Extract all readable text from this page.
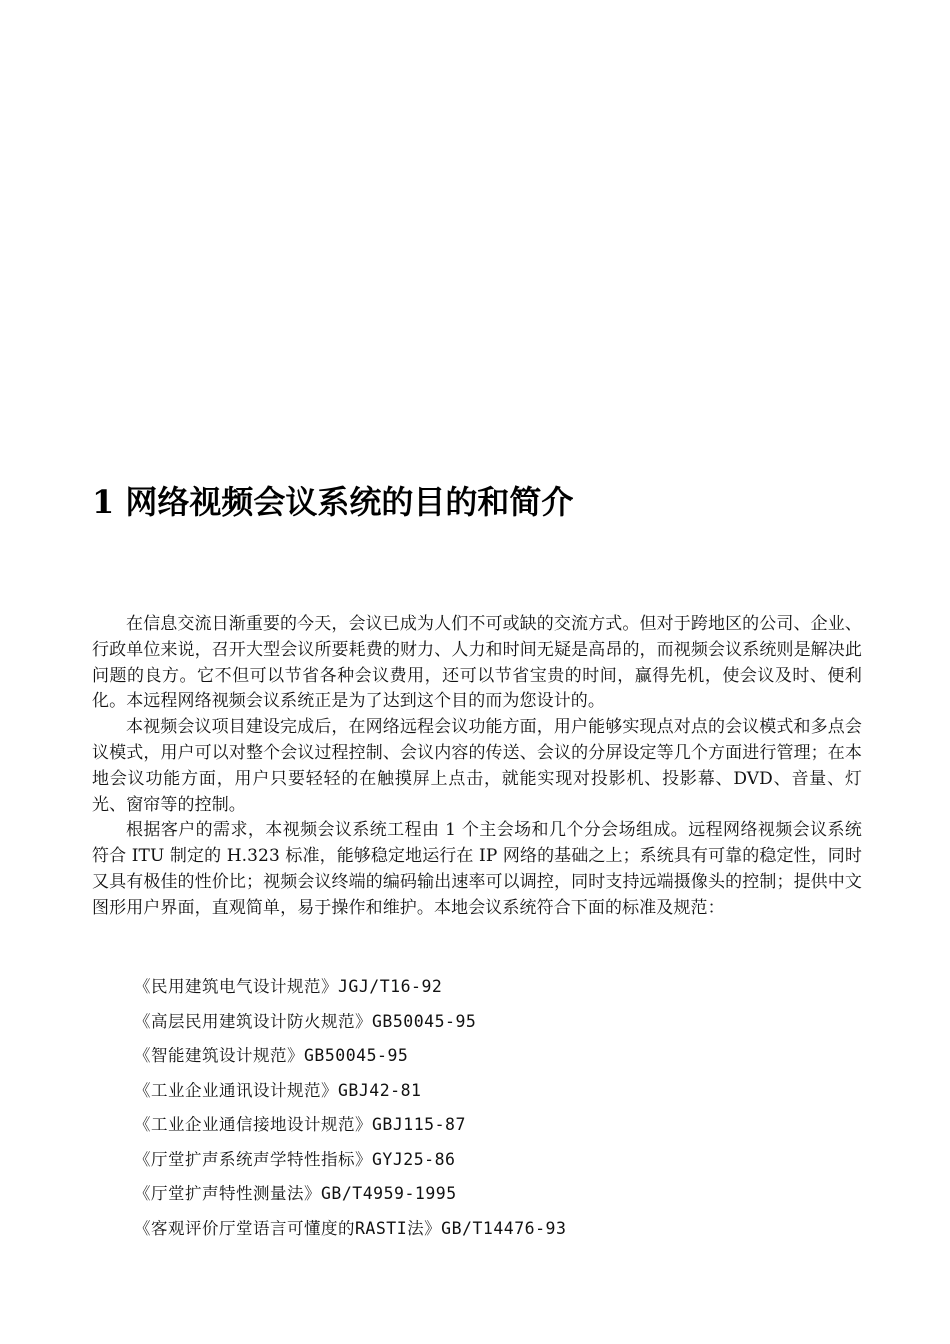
1 网络视频会议系统的目的和简介

在信息交流日渐重要的今天，会议已成为人们不可或缺的交流方式。但对于跨地区的公司、企业、行政单位来说，召开大型会议所要耗费的财力、人力和时间无疑是高昂的，而视频会议系统则是解决此问题的良方。它不但可以节省各种会议费用，还可以节省宝贵的时间，赢得先机，使会议及时、便利化。本远程网络视频会议系统正是为了达到这个目的而为您设计的。

本视频会议项目建设完成后，在网络远程会议功能方面，用户能够实现点对点的会议模式和多点会议模式，用户可以对整个会议过程控制、会议内容的传送、会议的分屏设定等几个方面进行管理；在本地会议功能方面，用户只要轻轻的在触摸屏上点击，就能实现对投影机、投影幕、DVD、音量、灯光、窗帘等的控制。

根据客户的需求，本视频会议系统工程由 1 个主会场和几个分会场组成。远程网络视频会议系统符合 ITU 制定的 H.323 标准，能够稳定地运行在 IP 网络的基础之上；系统具有可靠的稳定性，同时又具有极佳的性价比；视频会议终端的编码输出速率可以调控，同时支持远端摄像头的控制；提供中文图形用户界面，直观简单，易于操作和维护。本地会议系统符合下面的标准及规范：

《民用建筑电气设计规范》JGJ/T16-92
《高层民用建筑设计防火规范》GB50045-95
《智能建筑设计规范》GB50045-95
《工业企业通讯设计规范》GBJ42-81
《工业企业通信接地设计规范》GBJ115-87
《厅堂扩声系统声学特性指标》GYJ25-86
《厅堂扩声特性测量法》GB/T4959-1995
《客观评价厅堂语言可懂度的RASTI法》GB/T14476-93
